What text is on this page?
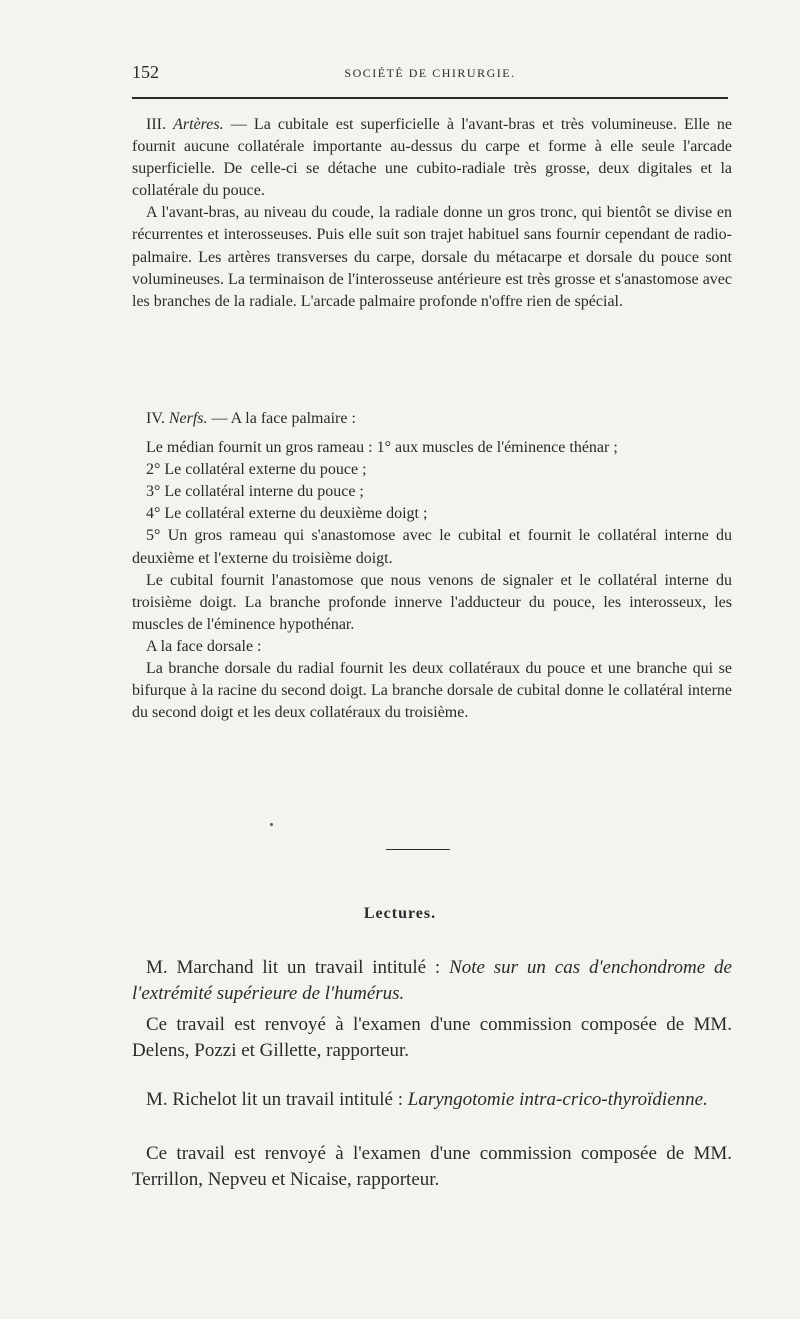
152	SOCIÉTÉ DE CHIRURGIE.

III. Artères. — La cubitale est superficielle à l'avant-bras et très volumineuse. Elle ne fournit aucune collatérale importante au-dessus du carpe et forme à elle seule l'arcade superficielle. De celle-ci se détache une cubito-radiale très grosse, deux digitales et la collatérale du pouce.

A l'avant-bras, au niveau du coude, la radiale donne un gros tronc, qui bientôt se divise en récurrentes et interosseuses. Puis elle suit son trajet habituel sans fournir cependant de radio-palmaire. Les artères transverses du carpe, dorsale du métacarpe et dorsale du pouce sont volumineuses. La terminaison de l'interosseuse antérieure est très grosse et s'anastomose avec les branches de la radiale. L'arcade palmaire profonde n'offre rien de spécial.

IV. Nerfs. — A la face palmaire :

Le médian fournit un gros rameau : 1° aux muscles de l'éminence thénar ;

2° Le collatéral externe du pouce ;

3° Le collatéral interne du pouce ;

4° Le collatéral externe du deuxième doigt ;

5° Un gros rameau qui s'anastomose avec le cubital et fournit le collatéral interne du deuxième et l'externe du troisième doigt.

Le cubital fournit l'anastomose que nous venons de signaler et le collatéral interne du troisième doigt. La branche profonde innerve l'adducteur du pouce, les interosseux, les muscles de l'éminence hypothénar.

A la face dorsale :

La branche dorsale du radial fournit les deux collatéraux du pouce et une branche qui se bifurque à la racine du second doigt. La branche dorsale de cubital donne le collatéral interne du second doigt et les deux collatéraux du troisième.

Lectures.

M. Marchand lit un travail intitulé : Note sur un cas d'enchondrome de l'extrémité supérieure de l'humérus.

Ce travail est renvoyé à l'examen d'une commission composée de MM. Delens, Pozzi et Gillette, rapporteur.

M. Richelot lit un travail intitulé : Laryngotomie intra-crico-thyroïdienne.

Ce travail est renvoyé à l'examen d'une commission composée de MM. Terrillon, Nepveu et Nicaise, rapporteur.
